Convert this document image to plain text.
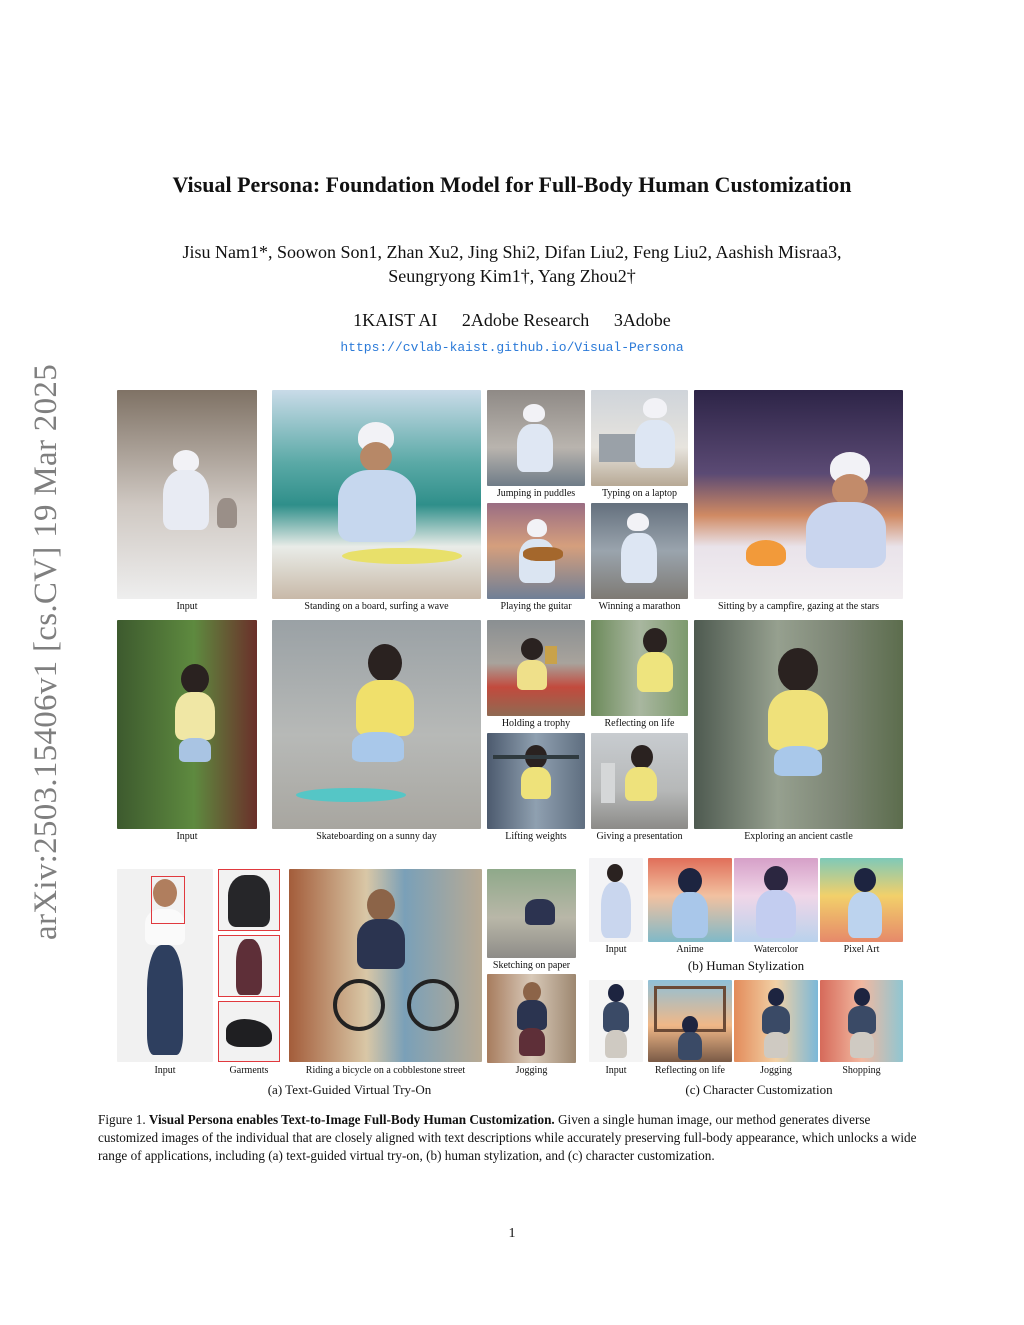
Visual Persona: Foundation Model for Full-Body Human Customization
Jisu Nam1*, Soowon Son1, Zhan Xu2, Jing Shi2, Difan Liu2, Feng Liu2, Aashish Misraa3,
Seungryong Kim1†, Yang Zhou2†
1KAIST AI 2Adobe Research 3Adobe
https://cvlab-kaist.github.io/Visual-Persona
arXiv:2503.15406v1 [cs.CV] 19 Mar 2025	Input	Standing on a board, surfing a wave
Jumping in puddles	Typing on a laptop
Playing the guitar	Winning a marathon	Sitting by a campfire, gazing at the stars
Input	Skateboarding on a sunny day
Holding a trophy	Reflecting on life
Lifting weights	Giving a presentation	Exploring an ancient castle
Input	Garments	Riding a bicycle on a cobblestone street
Sketching on paper
Jogging
(a) Text-Guided Virtual Try-On
Input	Anime	Watercolor	Pixel Art
(b) Human Stylization
Input	Reflecting on life	Jogging	Shopping
(c) Character Customization
Figure 1. Visual Persona enables Text-to-Image Full-Body Human Customization. Given a single human image, our method generates diverse customized images of the individual that are closely aligned with text descriptions while accurately preserving full-body appearance, which unlocks a wide range of applications, including (a) text-guided virtual try-on, (b) human stylization, and (c) character customization.
1
